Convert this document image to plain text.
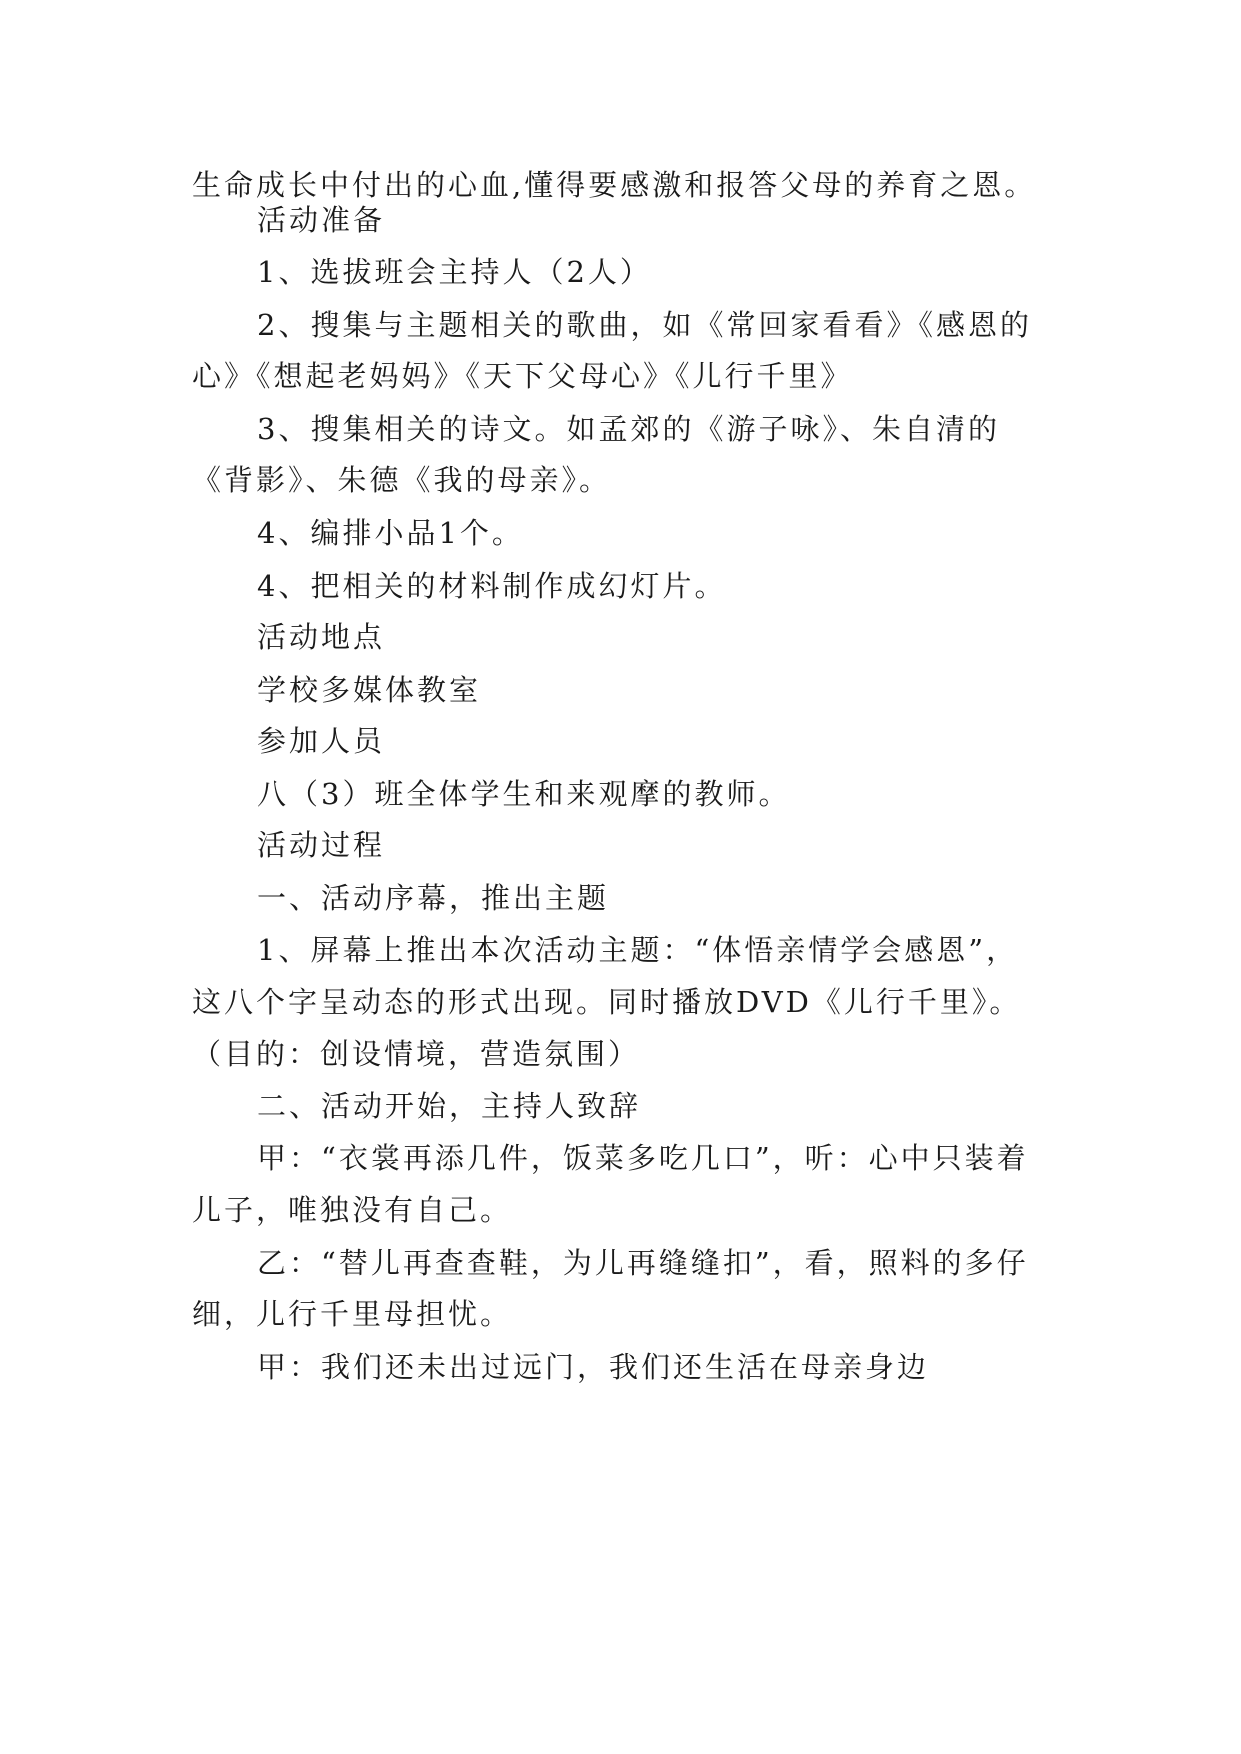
生命成长中付出的心血,懂得要感激和报答父母的养育之恩。
活动准备
1、选拔班会主持人（2人）
2、搜集与主题相关的歌曲，如《常回家看看》《感恩的
心》《想起老妈妈》《天下父母心》《儿行千里》
3、搜集相关的诗文。如孟郊的《游子咏》、朱自清的
《背影》、朱德《我的母亲》。
4、编排小品1个。
4、把相关的材料制作成幻灯片。
活动地点
学校多媒体教室
参加人员
八（3）班全体学生和来观摩的教师。
活动过程
一、活动序幕，推出主题
1、屏幕上推出本次活动主题：“体悟亲情学会感恩”，
这八个字呈动态的形式出现。同时播放DVD《儿行千里》。
（目的：创设情境，营造氛围）
二、活动开始，主持人致辞
甲：“衣裳再添几件，饭菜多吃几口”，听：心中只装着
儿子，唯独没有自己。
乙：“替儿再查查鞋，为儿再缝缝扣”，看，照料的多仔
细，儿行千里母担忧。
甲：我们还未出过远门，我们还生活在母亲身边
